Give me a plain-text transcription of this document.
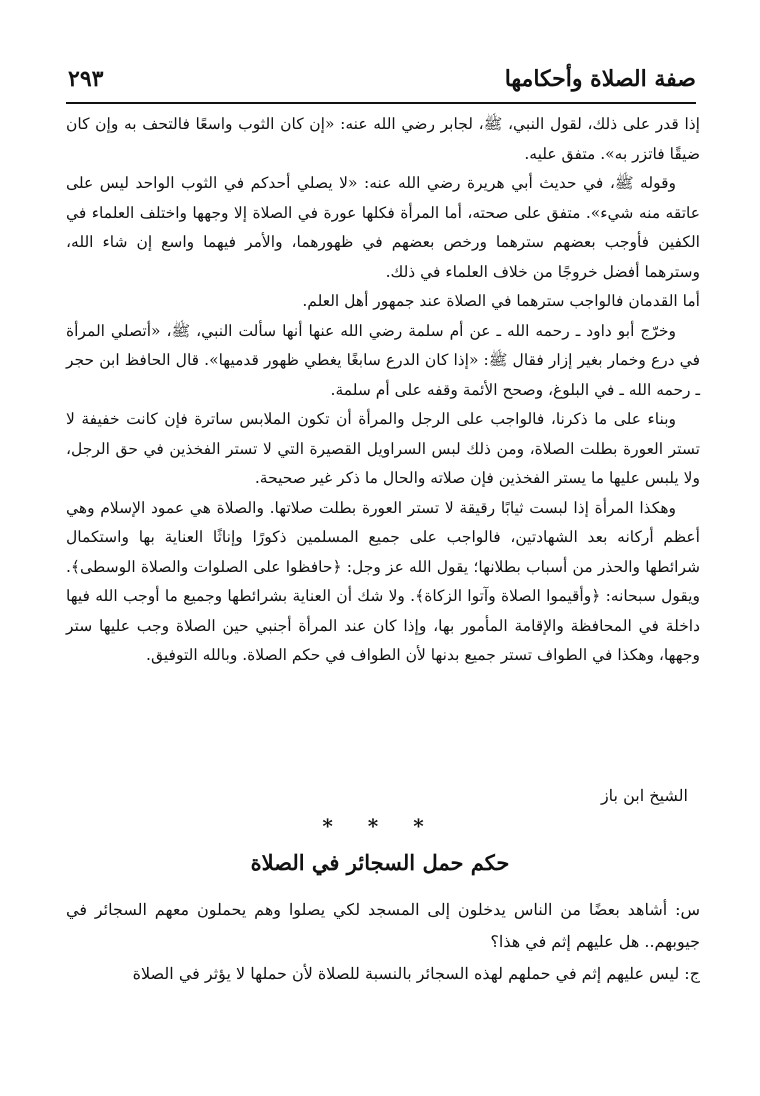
صفة الصلاة وأحكامها
٢٩٣

إذا قدر على ذلك، لقول النبي، ﷺ، لجابر رضي الله عنه: «إن كان الثوب واسعًا فالتحف به وإن كان ضيقًا فاتزر به». متفق عليه.

وقوله ﷺ، في حديث أبي هريرة رضي الله عنه: «لا يصلي أحدكم في الثوب الواحد ليس على عاتقه منه شيء». متفق على صحته، أما المرأة فكلها عورة في الصلاة إلا وجهها واختلف العلماء في الكفين فأوجب بعضهم سترهما ورخص بعضهم في ظهورهما، والأمر فيهما واسع إن شاء الله، وسترهما أفضل خروجًا من خلاف العلماء في ذلك.

أما القدمان فالواجب سترهما في الصلاة عند جمهور أهل العلم.

وخرّج أبو داود ـ رحمه الله ـ عن أم سلمة رضي الله عنها أنها سألت النبي، ﷺ، «أتصلي المرأة في درع وخمار بغير إزار فقال ﷺ: «إذا كان الدرع سابغًا يغطي ظهور قدميها». قال الحافظ ابن حجر ـ رحمه الله ـ في البلوغ، وصحح الأئمة وقفه على أم سلمة.

وبناء على ما ذكرنا، فالواجب على الرجل والمرأة أن تكون الملابس ساترة فإن كانت خفيفة لا تستر العورة بطلت الصلاة، ومن ذلك لبس السراويل القصيرة التي لا تستر الفخذين في حق الرجل، ولا يلبس عليها ما يستر الفخذين فإن صلاته والحال ما ذكر غير صحيحة.

وهكذا المرأة إذا لبست ثيابًا رقيقة لا تستر العورة بطلت صلاتها. والصلاة هي عمود الإسلام وهي أعظم أركانه بعد الشهادتين، فالواجب على جميع المسلمين ذكورًا وإناثًا العناية بها واستكمال شرائطها والحذر من أسباب بطلانها؛ يقول الله عز وجل: ﴿حافظوا على الصلوات والصلاة الوسطى﴾. ويقول سبحانه: ﴿وأقيموا الصلاة وآتوا الزكاة﴾. ولا شك أن العناية بشرائطها وجميع ما أوجب الله فيها داخلة في المحافظة والإقامة المأمور بها، وإذا كان عند المرأة أجنبي حين الصلاة وجب عليها ستر وجهها، وهكذا في الطواف تستر جميع بدنها لأن الطواف في حكم الصلاة. وبالله التوفيق.

الشيخ ابن باز
* * *
حكم حمل السجائر في الصلاة

س: أشاهد بعضًا من الناس يدخلون إلى المسجد لكي يصلوا وهم يحملون معهم السجائر في جيوبهم.. هل عليهم إثم في هذا؟

ج: ليس عليهم إثم في حملهم لهذه السجائر بالنسبة للصلاة لأن حملها لا يؤثر في الصلاة
